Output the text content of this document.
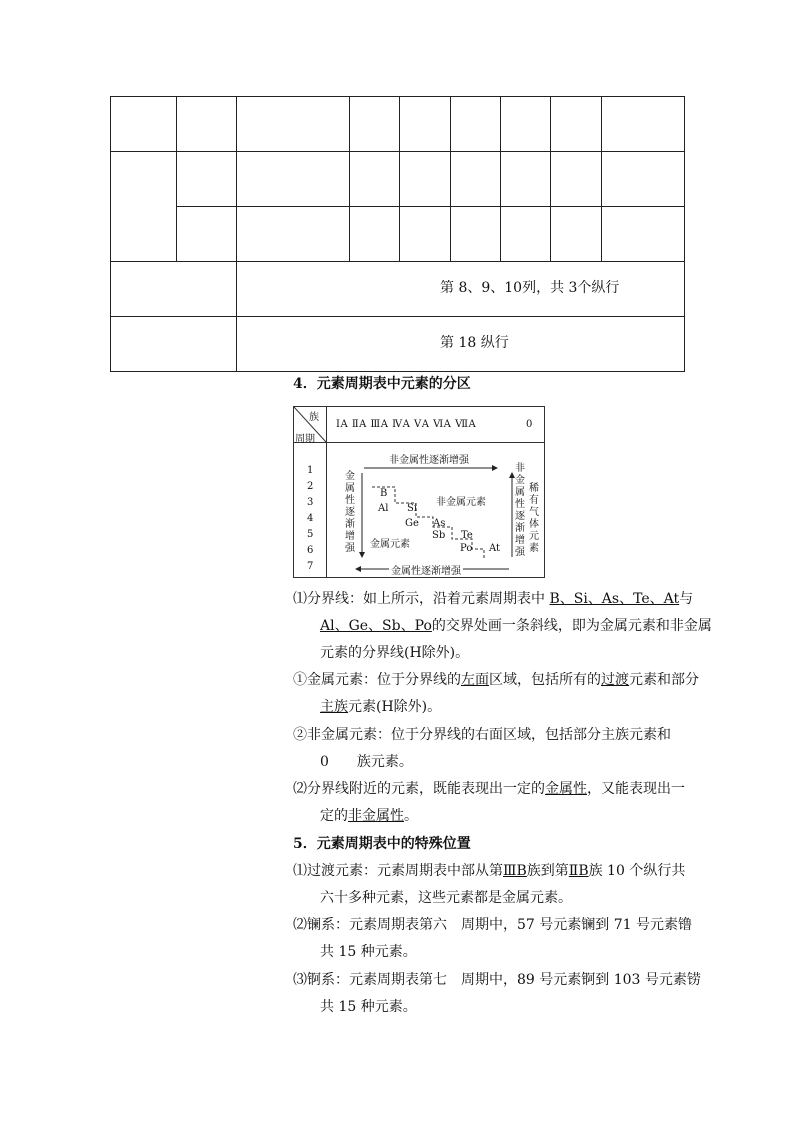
第 8、9、10列，共 3个纵行
第 18 纵行
4．元素周期表中元素的分区
族
周期
ⅠA ⅡA ⅢA ⅣA ⅤA ⅥA ⅦA	0
1
2
3
4
5
6
7
非金属性逐渐增强
金属性逐渐增强
金属性逐渐增强
非金属性逐渐增强
稀有气体元素
非金属元素
金属元素
B
Al Si
Ge As
Sb Te
Po At
⑴分界线：如上所示，沿着元素周期表中 B、Si、As、Te、At与
Al、Ge、Sb、Po的交界处画一条斜线，即为金属元素和非金属
元素的分界线(H除外)。
①金属元素：位于分界线的左面区域，包括所有的过渡元素和部分
主族元素(H除外)。
②非金属元素：位于分界线的右面区域，包括部分主族元素和
0　　族元素。
⑵分界线附近的元素，既能表现出一定的金属性，又能表现出一
定的非金属性。
5．元素周期表中的特殊位置
⑴过渡元素：元素周期表中部从第ⅢB族到第ⅡB族 10 个纵行共
六十多种元素，这些元素都是金属元素。
⑵镧系：元素周期表第六　周期中，57 号元素镧到 71 号元素镥
共 15 种元素。
⑶锕系：元素周期表第七　周期中，89 号元素锕到 103 号元素铹
共 15 种元素。
